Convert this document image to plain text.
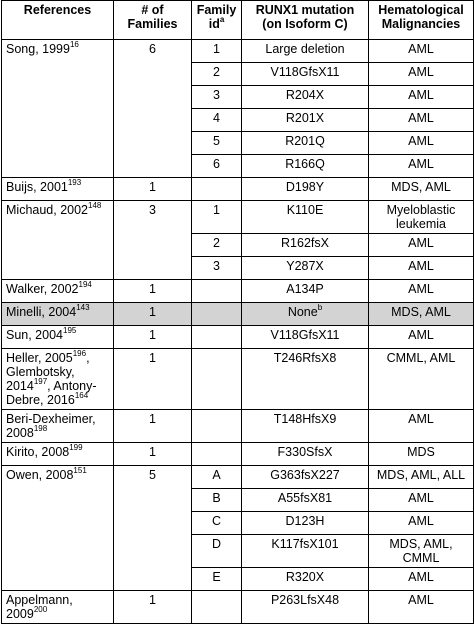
References	# of Families	Family $id^a$	RUNX1 mutation (on Isoform C)	Hematological Malignancies
Song, 1999$^{16}$	6	1	Large deletion	AML
		2	V118GfsX11	AML
		3	R204X	AML
		4	R201X	AML
		5	R201Q	AML
		6	R166Q	AML
Buijs, 2001$^{193}$	1		D198Y	MDS, AML
Michaud, 2002$^{148}$	3	1	K110E	Myeloblastic leukemia
		2	R162fsX	AML
		3	Y287X	AML
Walker, 2002$^{194}$	1		A134P	AML
Minelli, 2004$^{143}$	1		None$^b$	MDS, AML
Sun, 2004$^{195}$	1		V118GfsX11	AML
Heller, 2005$^{196}$, Glembotsky, 2014$^{197}$, Antony-Debre, 2016$^{164}$	1		T246RfsX8	CMML, AML
Beri-Dexheimer, 2008$^{198}$	1		T148HfsX9	AML
Kirito, 2008$^{199}$	1		F330SfsX	MDS
Owen, 2008$^{151}$	5	A	G363fsX227	MDS, AML, ALL
		B	A55fsX81	AML
		C	D123H	AML
		D	K117fsX101	MDS, AML, CMML
		E	R320X	AML
Appelmann, 2009$^{200}$	1		P263LfsX48	AML
